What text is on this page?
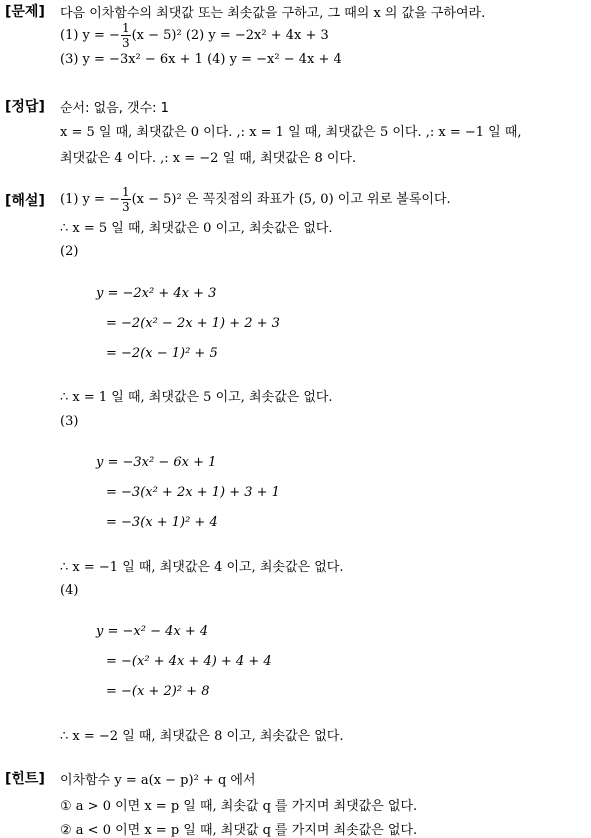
[문제] 다음 이차함수의 최댓값 또는 최솟값을 구하고, 그 때의 x 의 값을 구하여라.
(1) y = − $\frac{1}{3} (x - 5)^2$ (2) y = −2x² + 4x + 3
(3) y = −3x² − 6x + 1 (4) y = −x² − 4x + 4
[정답] 순서: 없음, 갯수: 1
x = 5 일 때, 최댓값은 0 이다. ,: x = 1 일 때, 최댓값은 5 이다. ,: x = −1 일 때,
최댓값은 4 이다. ,: x = −2 일 때, 최댓값은 8 이다.
[해설] (1) y = − $\frac{1}{3} (x - 5)^2$ 은 꼭짓점의 좌표가 (5, 0) 이고 위로 볼록이다.
∴ x = 5 일 때, 최댓값은 0 이고, 최솟값은 없다.
(2)
y = −2x² + 4x + 3
= −2(x² − 2x + 1) + 2 + 3
= −2(x − 1)² + 5
∴ x = 1 일 때, 최댓값은 5 이고, 최솟값은 없다.
(3)
y = −3x² − 6x + 1
= −3(x² + 2x + 1) + 3 + 1
= −3(x + 1)² + 4
∴ x = −1 일 때, 최댓값은 4 이고, 최솟값은 없다.
(4)
y = −x² − 4x + 4
= −(x² + 4x + 4) + 4 + 4
= −(x + 2)² + 8
∴ x = −2 일 때, 최댓값은 8 이고, 최솟값은 없다.
[힌트] 이차함수 y = a(x − p)² + q 에서
① a > 0 이면 x = p 일 때, 최솟값 q 를 가지며 최댓값은 없다.
② a < 0 이면 x = p 일 때, 최댓값 q 를 가지며 최솟값은 없다.
